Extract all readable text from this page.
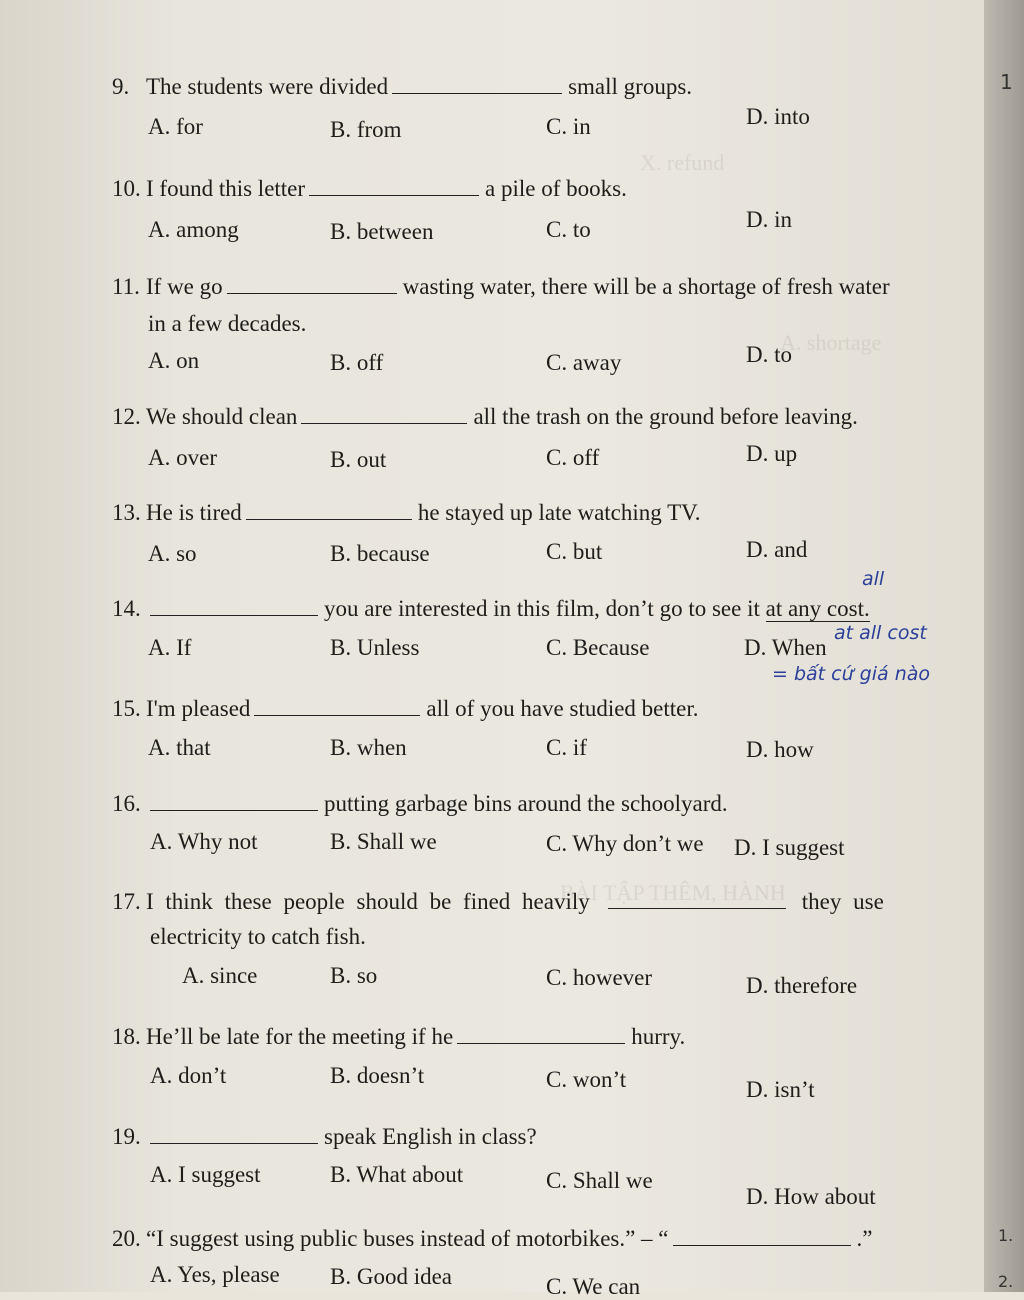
X. refund
A. shortage
BÀI TẬP THÊM, HÀNH
9. The students were divided	small groups.
A. for	B. from	C. in	D. into
10. I found this letter	a pile of books.
A. among	B. between	C. to	D. in
11. If we go	wasting water, there will be a shortage of fresh water
in a few decades.
A. on	B. off	C. away	D. to
12. We should clean	all the trash on the ground before leaving.
A. over	B. out	C. off	D. up
13. He is tired	he stayed up late watching TV.
A. so	B. because	C. but	D. and
14.	you are interested in this film, don’t go to see it at any cost.
all
A. If	B. Unless	C. Because	D. When
at all cost
= bất cứ giá nào
15. I'm pleased	all of you have studied better.
A. that	B. when	C. if	D. how
16.	putting garbage bins around the schoolyard.
A. Why not	B. Shall we	C. Why don’t we D. I suggest
17. I think these people should be fined heavily	they use
electricity to catch fish.
A. since	B. so	C. however	D. therefore
18. He’ll be late for the meeting if he	hurry.
A. don’t	B. doesn’t	C. won’t	D. isn’t
19.	speak English in class?
A. I suggest	B. What about	C. Shall we
D. How about
20. “I suggest using public buses instead of motorbikes.” – “	.”
A. Yes, please B. Good idea	C. We can
1
1.
2.
